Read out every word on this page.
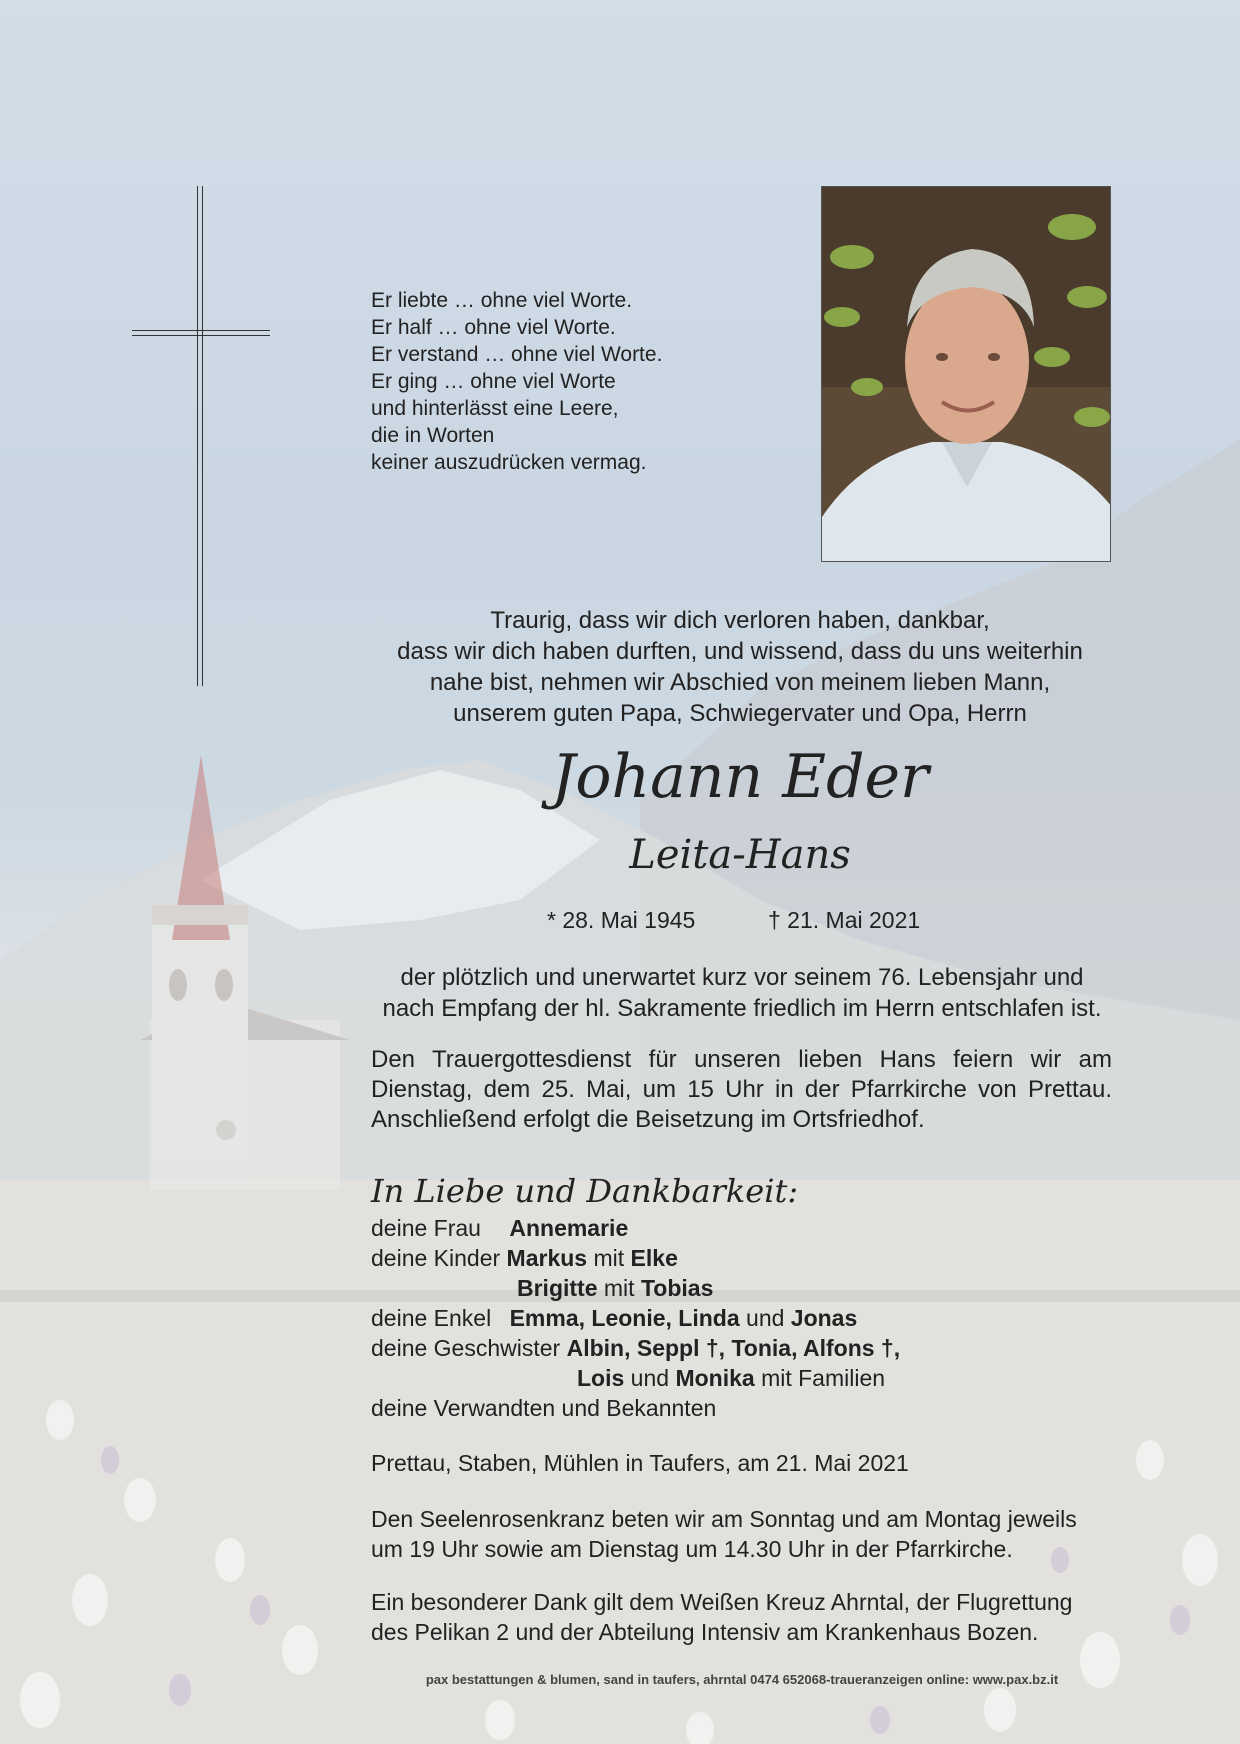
Er liebte … ohne viel Worte.
Er half … ohne viel Worte.
Er verstand … ohne viel Worte.
Er ging … ohne viel Worte
und hinterlässt eine Leere,
die in Worten
keiner auszudrücken vermag.
Traurig, dass wir dich verloren haben, dankbar,
dass wir dich haben durften, und wissend, dass du uns weiterhin
nahe bist, nehmen wir Abschied von meinem lieben Mann,
unserem guten Papa, Schwiegervater und Opa, Herrn
Johann Eder
Leita-Hans
* 28. Mai 1945	† 21. Mai 2021
der plötzlich und unerwartet kurz vor seinem 76. Lebensjahr und
nach Empfang der hl. Sakramente friedlich im Herrn entschlafen ist.
Den Trauergottesdienst für unseren lieben Hans feiern wir am
Dienstag, dem 25. Mai, um 15 Uhr in der Pfarrkirche von Prettau.
Anschließend erfolgt die Beisetzung im Ortsfriedhof.
In Liebe und Dankbarkeit:
deine Frau Annemarie
deine Kinder Markus mit Elke
Brigitte mit Tobias
deine Enkel Emma, Leonie, Linda und Jonas
deine Geschwister Albin, Seppl †, Tonia, Alfons †,
Lois und Monika mit Familien
deine Verwandten und Bekannten
Prettau, Staben, Mühlen in Taufers, am 21. Mai 2021
Den Seelenrosenkranz beten wir am Sonntag und am Montag jeweils
um 19 Uhr sowie am Dienstag um 14.30 Uhr in der Pfarrkirche.
Ein besonderer Dank gilt dem Weißen Kreuz Ahrntal, der Flugrettung
des Pelikan 2 und der Abteilung Intensiv am Krankenhaus Bozen.
pax bestattungen & blumen, sand in taufers, ahrntal 0474 652068-traueranzeigen online: www.pax.bz.it
